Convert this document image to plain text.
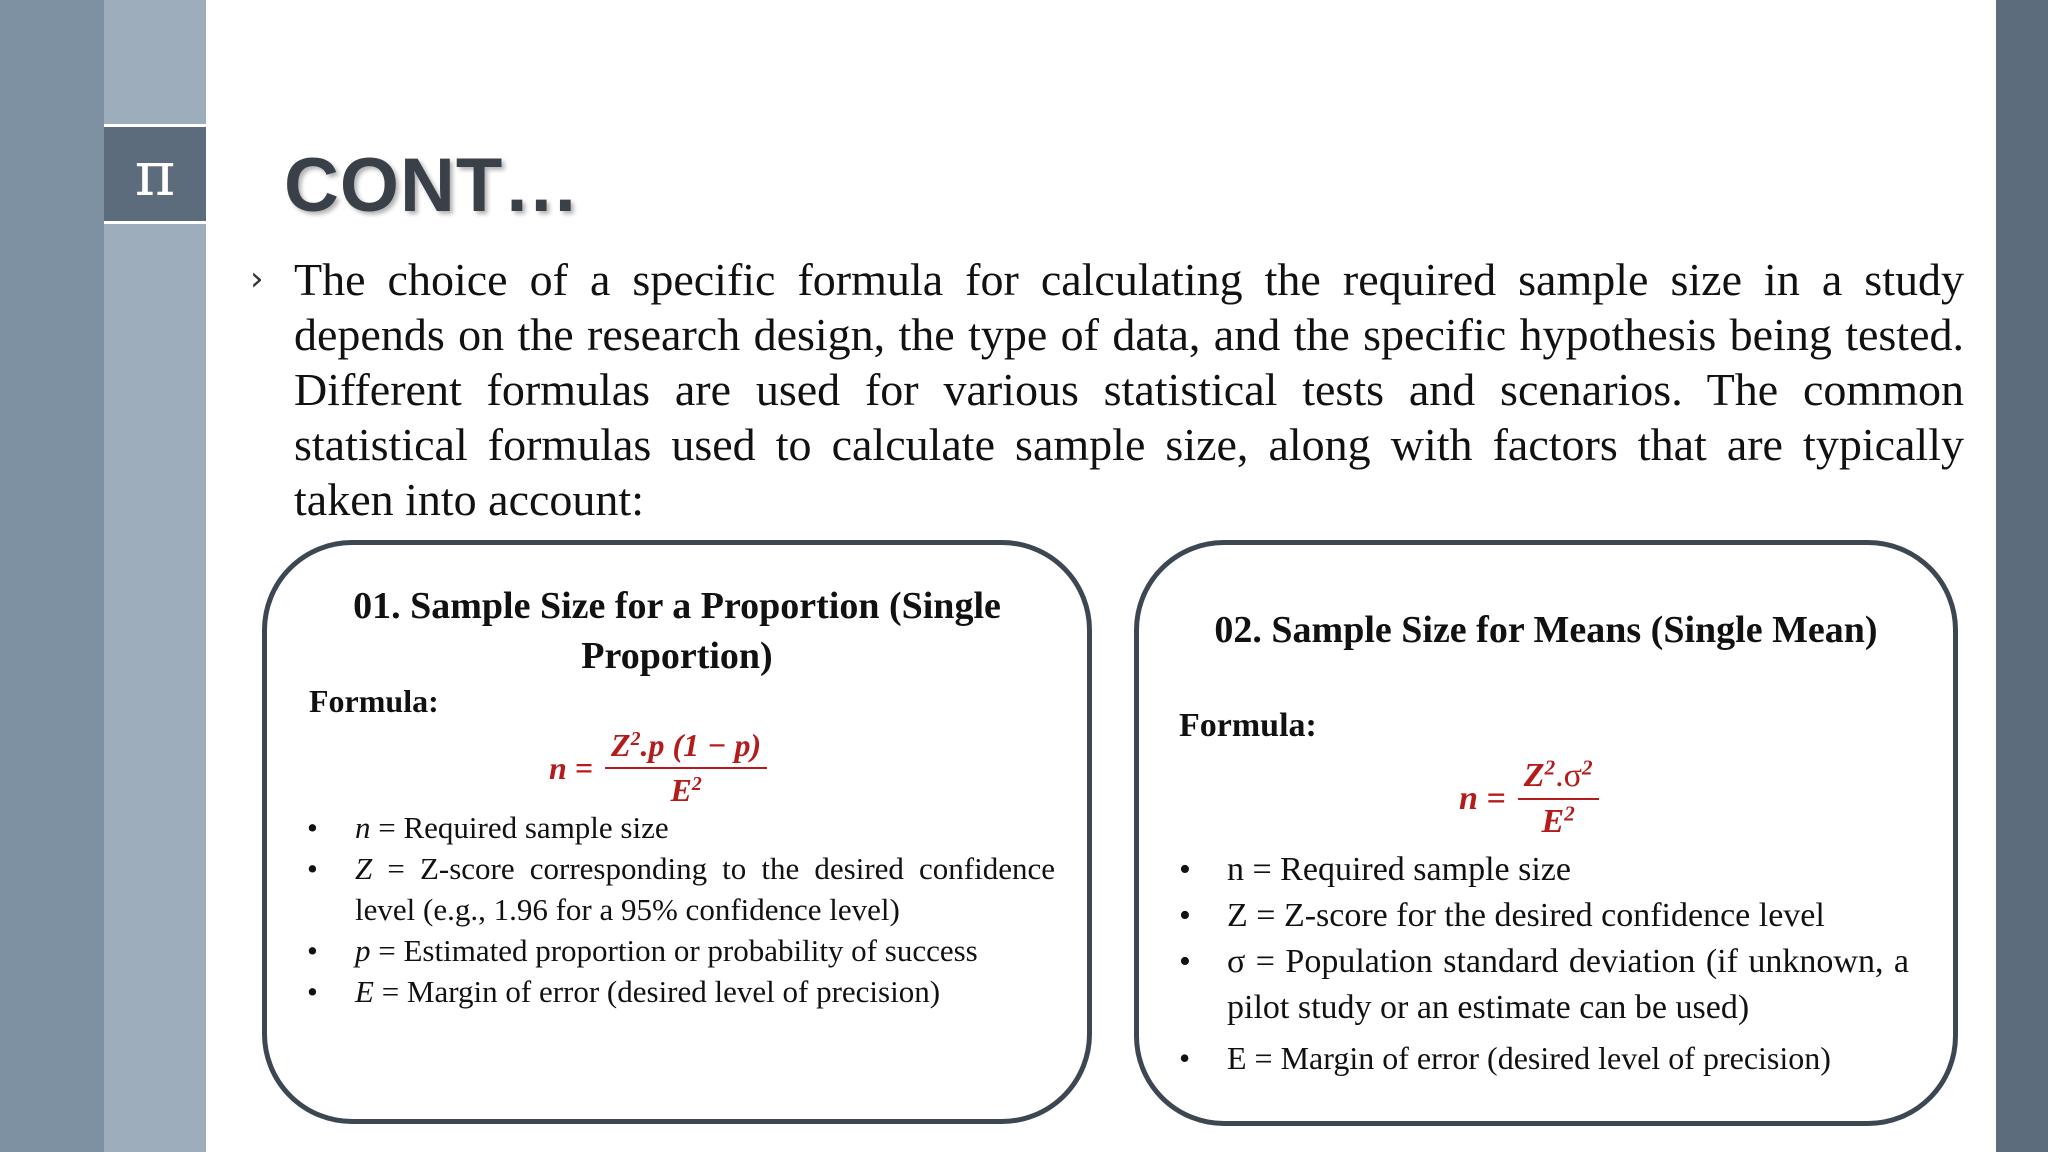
π CONT…
› The choice of a specific formula for calculating the required sample size in a study depends on the research design, the type of data, and the specific hypothesis being tested. Different formulas are used for various statistical tests and scenarios. The common statistical formulas used to calculate sample size, along with factors that are typically taken into account:
01. Sample Size for a Proportion (Single Proportion)
Formula:
$n = \frac{Z^2.p (1 - p)}{E^2}$
• n = Required sample size
• Z = Z-score corresponding to the desired confidence level (e.g., 1.96 for a 95% confidence level)
• p = Estimated proportion or probability of success
• E = Margin of error (desired level of precision)
02. Sample Size for Means (Single Mean)
Formula:
$n = \frac{Z^2.\sigma^2}{E^2}$
• n = Required sample size
• Z = Z-score for the desired confidence level
• σ = Population standard deviation (if unknown, a pilot study or an estimate can be used)
• E = Margin of error (desired level of precision)
